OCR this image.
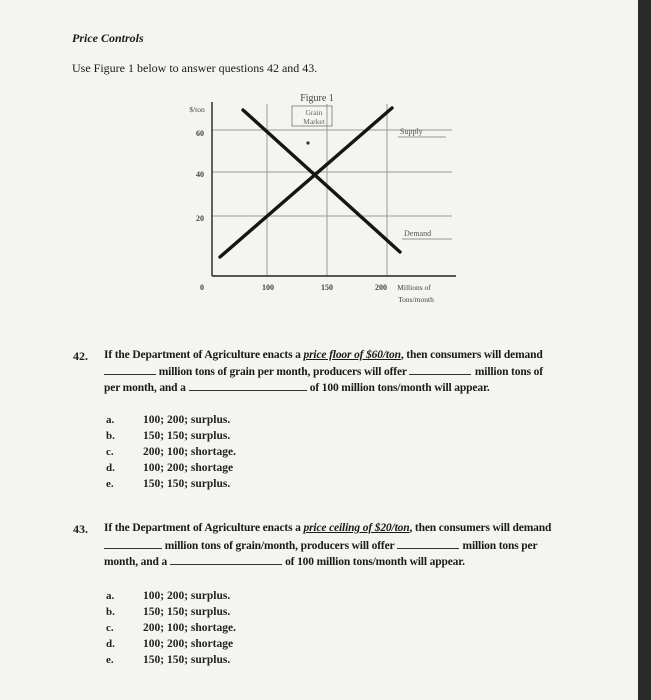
Price Controls
Use Figure 1 below to answer questions 42 and 43.
Figure 1
Grain
Market
$/ton
60
40
20
0	100	150	200 Millions of
Tons/month
Supply
Demand
42. If the Department of Agriculture enacts a price floor of $60/ton, then consumers will demand
million tons of grain per month, producers will offer	million tons of
per month, and a	of 100 million tons/month will appear.
a.	100; 200; surplus.
b. 150; 150; surplus.
c.	200; 100; shortage.
d. 100; 200; shortage
e.	150; 150; surplus.
43. If the Department of Agriculture enacts a price ceiling of $20/ton, then consumers will demand
million tons of grain/month, producers will offer	million tons per
month, and a	of 100 million tons/month will appear.
a.	100; 200; surplus.
b. 150; 150; surplus.
c.	200; 100; shortage.
d. 100; 200; shortage
e.	150; 150; surplus.
